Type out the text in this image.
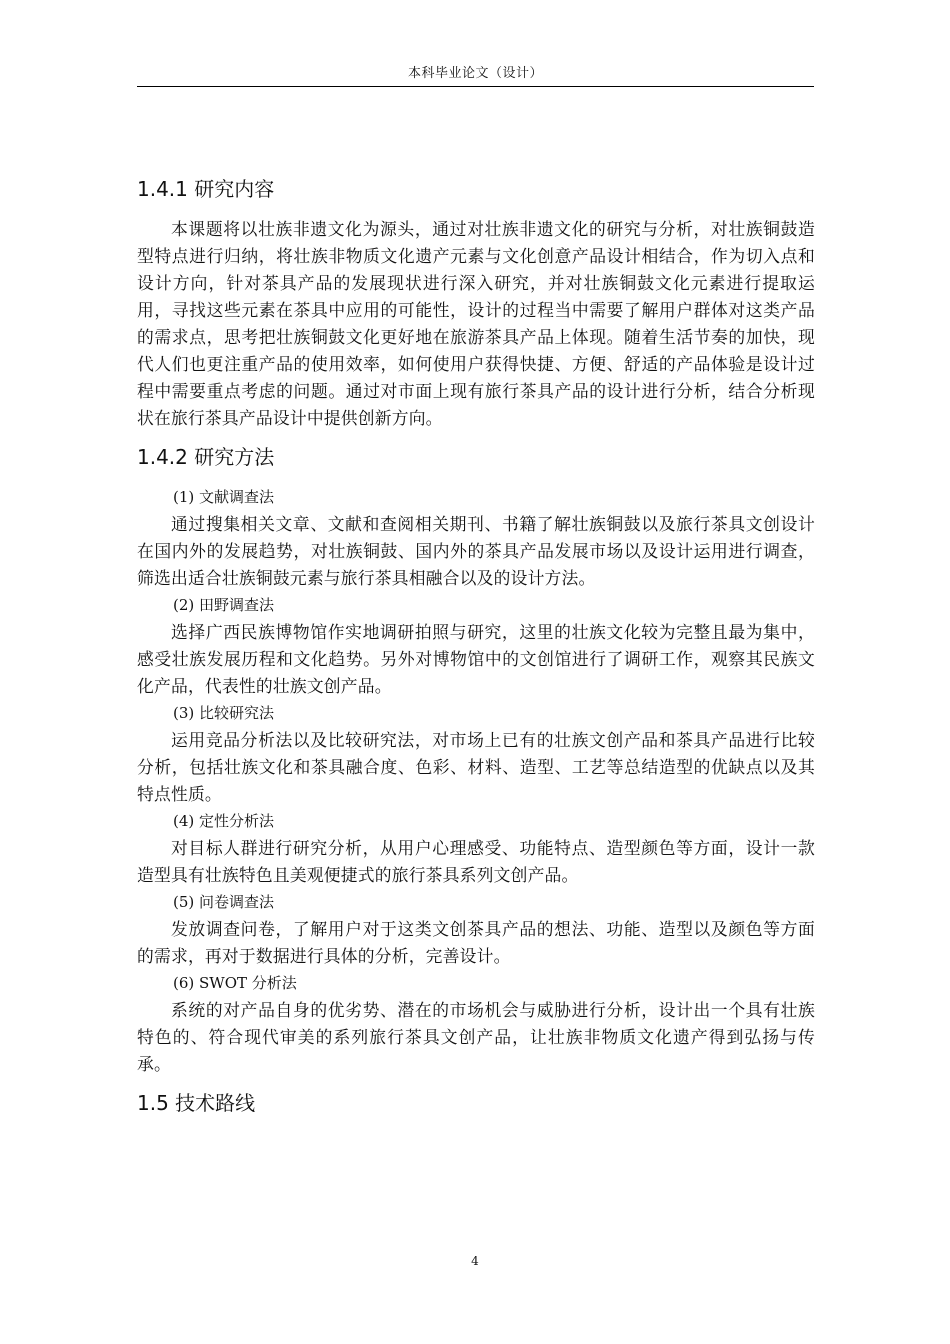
本科毕业论文（设计）
1.4.1 研究内容

本课题将以壮族非遗文化为源头，通过对壮族非遗文化的研究与分析，对壮族铜鼓造型特点进行归纳，将壮族非物质文化遗产元素与文化创意产品设计相结合，作为切入点和设计方向，针对茶具产品的发展现状进行深入研究，并对壮族铜鼓文化元素进行提取运用，寻找这些元素在茶具中应用的可能性，设计的过程当中需要了解用户群体对这类产品的需求点，思考把壮族铜鼓文化更好地在旅游茶具产品上体现。随着生活节奏的加快，现代人们也更注重产品的使用效率，如何使用户获得快捷、方便、舒适的产品体验是设计过程中需要重点考虑的问题。通过对市面上现有旅行茶具产品的设计进行分析，结合分析现状在旅行茶具产品设计中提供创新方向。

1.4.2 研究方法

(1) 文献调查法

通过搜集相关文章、文献和查阅相关期刊、书籍了解壮族铜鼓以及旅行茶具文创设计在国内外的发展趋势，对壮族铜鼓、国内外的茶具产品发展市场以及设计运用进行调查，筛选出适合壮族铜鼓元素与旅行茶具相融合以及的设计方法。

(2) 田野调查法

选择广西民族博物馆作实地调研拍照与研究，这里的壮族文化较为完整且最为集中，感受壮族发展历程和文化趋势。另外对博物馆中的文创馆进行了调研工作，观察其民族文化产品，代表性的壮族文创产品。

(3) 比较研究法

运用竞品分析法以及比较研究法，对市场上已有的壮族文创产品和茶具产品进行比较分析，包括壮族文化和茶具融合度、色彩、材料、造型、工艺等总结造型的优缺点以及其特点性质。

(4) 定性分析法

对目标人群进行研究分析，从用户心理感受、功能特点、造型颜色等方面，设计一款造型具有壮族特色且美观便捷式的旅行茶具系列文创产品。

(5) 问卷调查法

发放调查问卷，了解用户对于这类文创茶具产品的想法、功能、造型以及颜色等方面的需求，再对于数据进行具体的分析，完善设计。

(6) SWOT 分析法

系统的对产品自身的优劣势、潜在的市场机会与威胁进行分析，设计出一个具有壮族特色的、符合现代审美的系列旅行茶具文创产品，让壮族非物质文化遗产得到弘扬与传承。

1.5 技术路线
4
